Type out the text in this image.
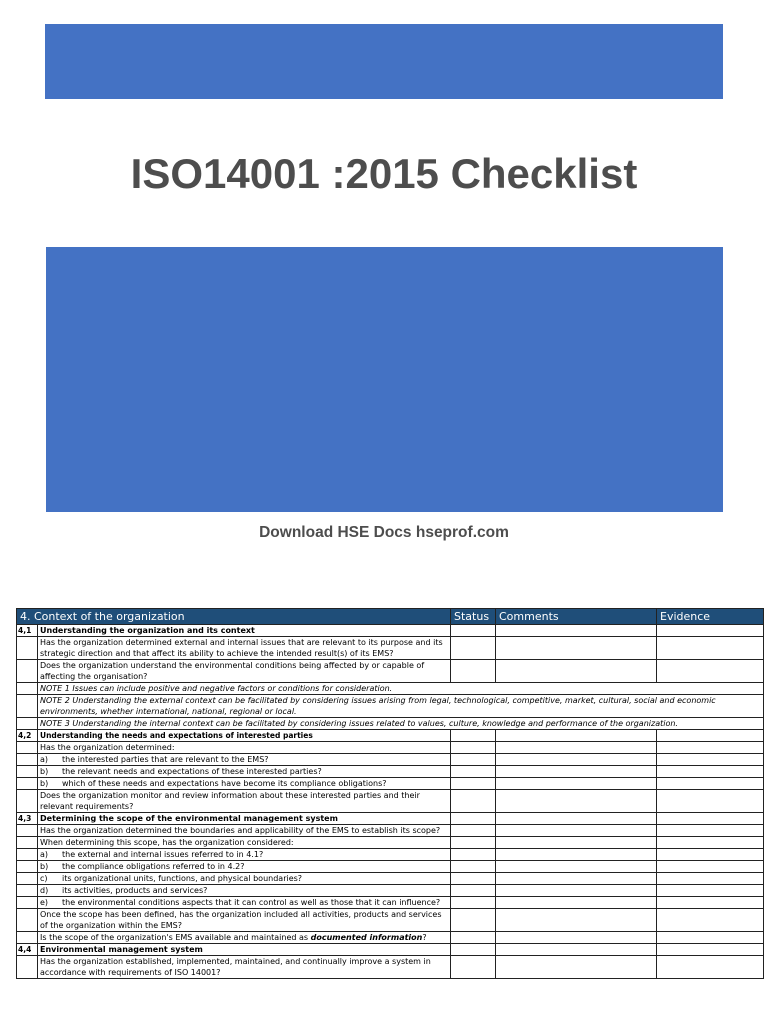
ISO14001 :2015 Checklist
Download HSE Docs hseprof.com
4. Context of the organization		Status	Comments	Evidence
4,1	Understanding the organization and its context			
	Has the organization determined external and internal issues that are relevant to its purpose and its strategic direction and that affect its ability to achieve the intended result(s) of its EMS?			
	Does the organization understand the environmental conditions being affected by or capable of affecting the organisation?			
	NOTE 1 Issues can include positive and negative factors or conditions for consideration.			
	NOTE 2 Understanding the external context can be facilitated by considering issues arising from legal, technological, competitive, market, cultural, social and economic environments, whether international, national, regional or local.			
	NOTE 3 Understanding the internal context can be facilitated by considering issues related to values, culture, knowledge and performance of the organization.			
4,2	Understanding the needs and expectations of interested parties			
	Has the organization determined:			
	a) the interested parties that are relevant to the EMS?			
	b) the relevant needs and expectations of these interested parties?			
	b) which of these needs and expectations have become its compliance obligations?			
	Does the organization monitor and review information about these interested parties and their relevant requirements?			
4,3	Determining the scope of the environmental management system			
	Has the organization determined the boundaries and applicability of the EMS to establish its scope?			
	When determining this scope, has the organization considered:			
	a) the external and internal issues referred to in 4.1?			
	b) the compliance obligations referred to in 4.2?			
	c) its organizational units, functions, and physical boundaries?			
	d) its activities, products and services?			
	e) the environmental conditions aspects that it can control as well as those that it can influence?			
	Once the scope has been defined, has the organization included all activities, products and services of the organization within the EMS?			
	Is the scope of the organization's EMS available and maintained as documented information?			
4,4	Environmental management system			
	Has the organization established, implemented, maintained, and continually improve a system in accordance with requirements of ISO 14001?			
